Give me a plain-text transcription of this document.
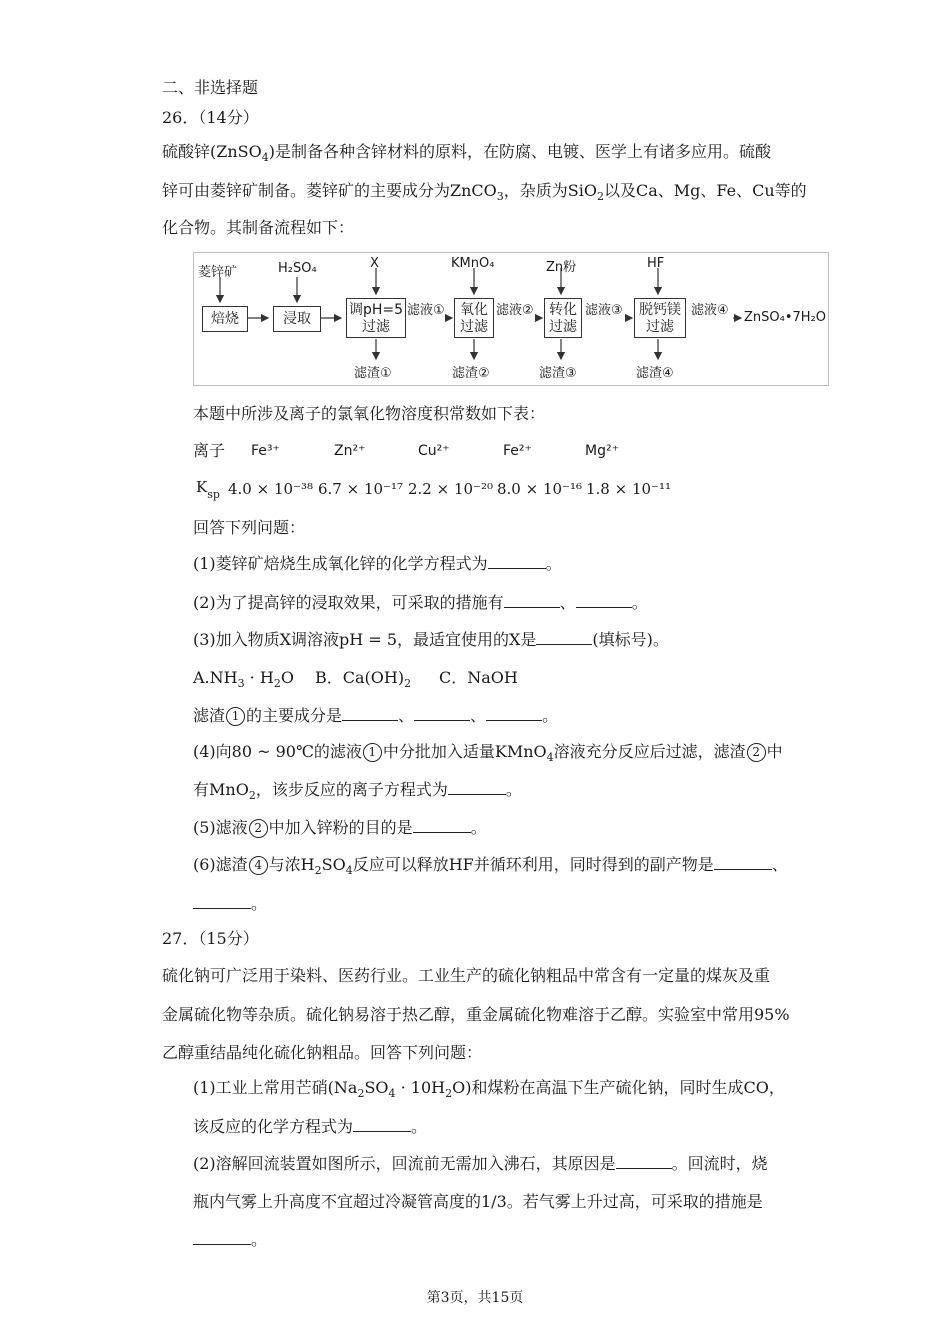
二、非选择题
26．（14分）
硫酸锌(ZnSO$_4$)是制备各种含锌材料的原料，在防腐、电镀、医学上有诸多应用。硫酸
锌可由菱锌矿制备。菱锌矿的主要成分为ZnCO$_3$，杂质为SiO$_2$以及Ca、Mg、Fe、Cu等的
化合物。其制备流程如下：
菱锌矿	H₂SO₄	X	KMnO₄	Zn粉	HF
焙烧	浸取
调pH=5
过滤
氧化
过滤
转化
过滤
脱钙镁
过滤
滤液①	滤液②	滤液③	滤液④ ZnSO₄•7H₂O
滤渣①	滤渣②	滤渣③	滤渣④
本题中所涉及离子的氯氧化物溶度积常数如下表：
离子 Fe³⁺	Zn²⁺	Cu²⁺	Fe²⁺	Mg²⁺
$K_{sp}$ 4.0 × 10⁻³⁸ 6.7 × 10⁻¹⁷ 2.2 × 10⁻²⁰ 8.0 × 10⁻¹⁶ 1.8 × 10⁻¹¹
回答下列问题：
(1)菱锌矿焙烧生成氧化锌的化学方程式为	。
(2)为了提高锌的浸取效果，可采取的措施有	、	。
(3)加入物质X调溶液pH = 5，最适宜使用的X是	(填标号)。
$A.NH_3 \cdot H_2O$ B．$Ca(OH)_2$ C．NaOH
滤渣 1 的主要成分是	、	、	。
(4)向80 ~ 90℃的滤液 1 中分批加入适量KMnO$_4$溶液充分反应后过滤，滤渣 2 中
有MnO$_2$，该步反应的离子方程式为	。
(5)滤液 2 中加入锌粉的目的是	。
(6)滤渣 4 与浓$H_2SO_4$反应可以释放HF并循环利用，同时得到的副产物是	、
。
27．（15分）
硫化钠可广泛用于染料、医药行业。工业生产的硫化钠粗品中常含有一定量的煤灰及重
金属硫化物等杂质。硫化钠易溶于热乙醇，重金属硫化物难溶于乙醇。实验室中常用95%
乙醇重结晶纯化硫化钠粗品。回答下列问题：
(1)工业上常用芒硝$(Na_2SO_4 \cdot 10H_2O)$和煤粉在高温下生产硫化钠，同时生成CO，
该反应的化学方程式为	。
(2)溶解回流装置如图所示，回流前无需加入沸石，其原因是	。回流时，烧
瓶内气雾上升高度不宜超过冷凝管高度的1/3。若气雾上升过高，可采取的措施是
。
第3页，共15页
